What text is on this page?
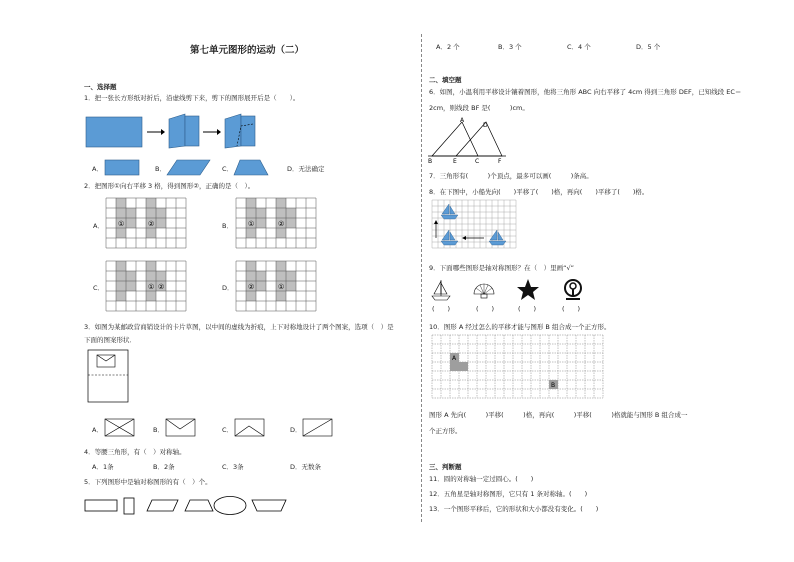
第七单元图形的运动（二）
一、选择题
1．把一张长方形纸对折后，沿虚线剪下来，剪下的图形展开后是（　　）。
A．	B．	C．	D．无法确定
2．把图形①向右平移 3 格，得到图形②，正确的是（　）。
A． ①	②	B． ①	②
C．	① ②	D． ②	①
3．如图为某邮政营商销设计的卡片草图，以中间的虚线为折痕，上下对称地设计了两个图案，选项（　）是
下面的图案形状．
A．	B．	C．	D．
4．等腰三角形，有（　）对称轴。
A．1条	B．2条	C．3条	D．无数条
5．下列图形中是轴对称图形的有（　）个。
A．2 个	B．3 个	C．4 个	D．5 个
二、填空题
6．如图，小温利用平移设计镶着图形，他将三角形 ABC 向右平移了 4cm 得到三角形 DEF，已知线段 EC＝
2cm，则线段 BF 是(　　　)cm。
A
D
B	E	C	F
7．三角形有(　　　)个顶点，最多可以画(　　　)条高。
8．在下图中，小船先向(　　)平移了(　　)格，再向(　　)平移了(　　)格。
9．下面哪些图形是轴对称图形？在（　）里画“√”
(　　)	(　　)	(　　)	(　　)
10．图形 A 经过怎么的平移才能与图形 B 组合成一个正方形。
A
B
图形 A 先向(　　　)平移(　　　)格，再向(　　　)平移(　　　)格就能与图形 B 组合成一
个正方形。
三、判断题
11．圆的对称轴一定过圆心。(　　)
12．五角星是轴对称图形，它只有 1 条对称轴。(　　)
13．一个图形平移后，它的形状和大小都没有变化。(　　)
